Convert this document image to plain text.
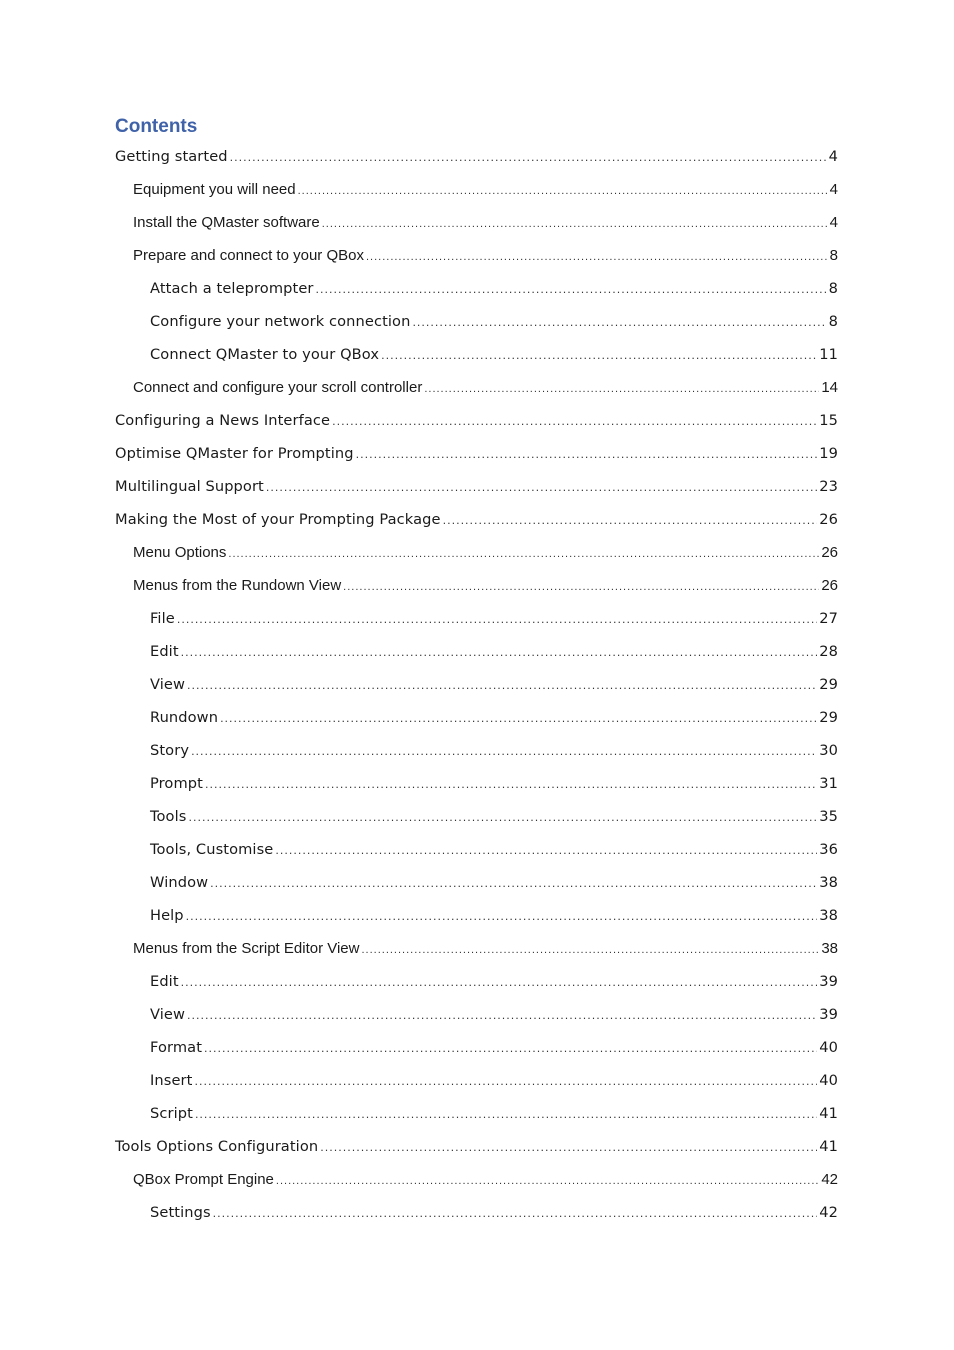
Contents
Getting started .....	4
Equipment you will need .....	4
Install the QMaster software .....	4
Prepare and connect to your QBox .....	8
Attach a teleprompter .....	8
Configure your network connection .....	8
Connect QMaster to your QBox .....	11
Connect and configure your scroll controller .....	14
Configuring a News Interface .....	15
Optimise QMaster for Prompting .....	19
Multilingual Support .....	23
Making the Most of your Prompting Package .....	26
Menu Options .....	26
Menus from the Rundown View .....	26
File .....	27
Edit .....	28
View .....	29
Rundown .....	29
Story .....	30
Prompt .....	31
Tools .....	35
Tools, Customise .....	36
Window .....	38
Help .....	38
Menus from the Script Editor View .....	38
Edit .....	39
View .....	39
Format .....	40
Insert .....	40
Script .....	41
Tools Options Configuration .....	41
QBox Prompt Engine .....	42
Settings .....	42
